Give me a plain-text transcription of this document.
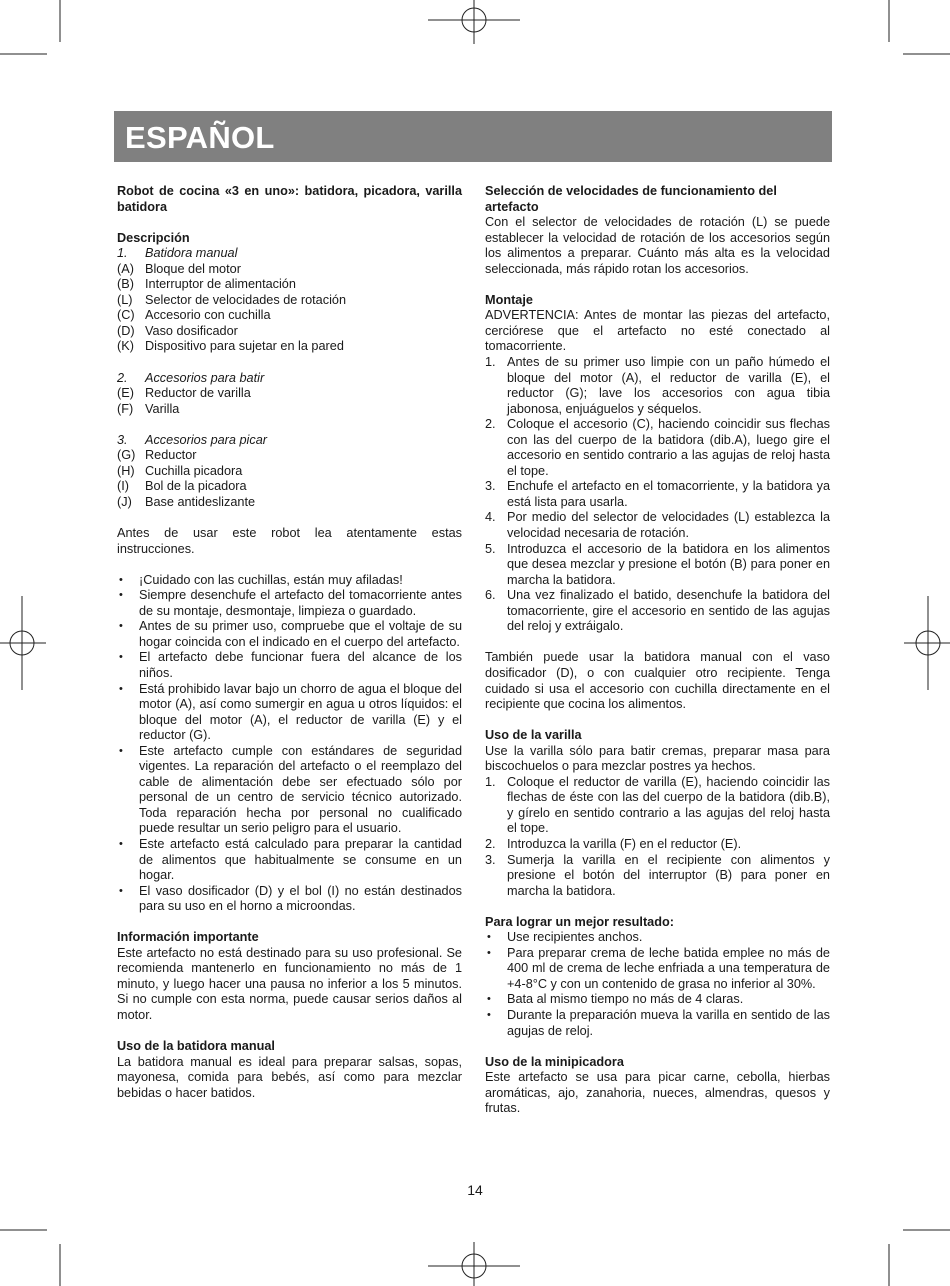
ESPAÑOL

Robot de cocina «3 en uno»: batidora, picadora, varilla batidora

Descripción

1.	Batidora manual
(A) Bloque del motor
(B) Interruptor de alimentación
(L) Selector de velocidades de rotación
(C) Accesorio con cuchilla
(D) Vaso dosificador
(K) Dispositivo para sujetar en la pared
2.	Accesorios para batir
(E) Reductor de varilla
(F) Varilla
3.	Accesorios para picar
(G) Reductor
(H) Cuchilla picadora
(I)	Bol de la picadora
(J)	Base antideslizante

Antes de usar este robot lea atentamente estas instrucciones.

•	¡Cuidado con las cuchillas, están muy afiladas!
•	Siempre desenchufe el artefacto del tomacorriente antes de su montaje, desmontaje, limpieza o guardado.
•	Antes de su primer uso, compruebe que el voltaje de su hogar coincida con el indicado en el cuerpo del artefacto.
•	El artefacto debe funcionar fuera del alcance de los niños.
•	Está prohibido lavar bajo un chorro de agua el bloque del motor (A), así como sumergir en agua u otros líquidos: el bloque del motor (A), el reductor de varilla (E) y el reductor (G).
•	Este artefacto cumple con estándares de seguridad vigentes. La reparación del artefacto o el reemplazo del cable de alimentación debe ser efectuado sólo por personal de un centro de servicio técnico autorizado. Toda reparación hecha por personal no cualificado puede resultar un serio peligro para el usuario.
•	Este artefacto está calculado para preparar la cantidad de alimentos que habitualmente se consume en un hogar.
•	El vaso dosificador (D) y el bol (I) no están destinados para su uso en el horno a microondas.

Información importante

Este artefacto no está destinado para su uso profesional. Se recomienda mantenerlo en funcionamiento no más de 1 minuto, y luego hacer una pausa no inferior a los 5 minutos. Si no cumple con esta norma, puede causar serios daños al motor.

Uso de la batidora manual

La batidora manual es ideal para preparar salsas, sopas, mayonesa, comida para bebés, así como para mezclar bebidas o hacer batidos.

Selección de velocidades de funcionamiento del artefacto

Con el selector de velocidades de rotación (L) se puede establecer la velocidad de rotación de los accesorios según los alimentos a preparar. Cuánto más alta es la velocidad seleccionada, más rápido rotan los accesorios.

Montaje

ADVERTENCIA: Antes de montar las piezas del artefacto, cerciórese que el artefacto no esté conectado al tomacorriente.

1. Antes de su primer uso limpie con un paño húmedo el bloque del motor (A), el reductor de varilla (E), el reductor (G); lave los accesorios con agua tibia jabonosa, enjuáguelos y séquelos.
2. Coloque el accesorio (C), haciendo coincidir sus flechas con las del cuerpo de la batidora (dib.A), luego gire el accesorio en sentido contrario a las agujas de reloj hasta el tope.
3. Enchufe el artefacto en el tomacorriente, y la batidora ya está lista para usarla.
4. Por medio del selector de velocidades (L) establezca la velocidad necesaria de rotación.
5. Introduzca el accesorio de la batidora en los alimentos que desea mezclar y presione el botón (B) para poner en marcha la batidora.
6. Una vez finalizado el batido, desenchufe la batidora del tomacorriente, gire el accesorio en sentido de las agujas del reloj y extráigalo.

También puede usar la batidora manual con el vaso dosificador (D), o con cualquier otro recipiente. Tenga cuidado si usa el accesorio con cuchilla directamente en el recipiente que cocina los alimentos.

Uso de la varilla

Use la varilla sólo para batir cremas, preparar masa para biscochuelos o para mezclar postres ya hechos.

1. Coloque el reductor de varilla (E), haciendo coincidir las flechas de éste con las del cuerpo de la batidora (dib.B), y gírelo en sentido contrario a las agujas del reloj hasta el tope.
2. Introduzca la varilla (F) en el reductor (E).
3. Sumerja la varilla en el recipiente con alimentos y presione el botón del interruptor (B) para poner en marcha la batidora.

Para lograr un mejor resultado:

•	Use recipientes anchos.
•	Para preparar crema de leche batida emplee no más de 400 ml de crema de leche enfriada a una temperatura de +4-8°C y con un contenido de grasa no inferior al 30%.
•	Bata al mismo tiempo no más de 4 claras.
•	Durante la preparación mueva la varilla en sentido de las agujas de reloj.

Uso de la minipicadora

Este artefacto se usa para picar carne, cebolla, hierbas aromáticas, ajo, zanahoria, nueces, almendras, quesos y frutas.

14
